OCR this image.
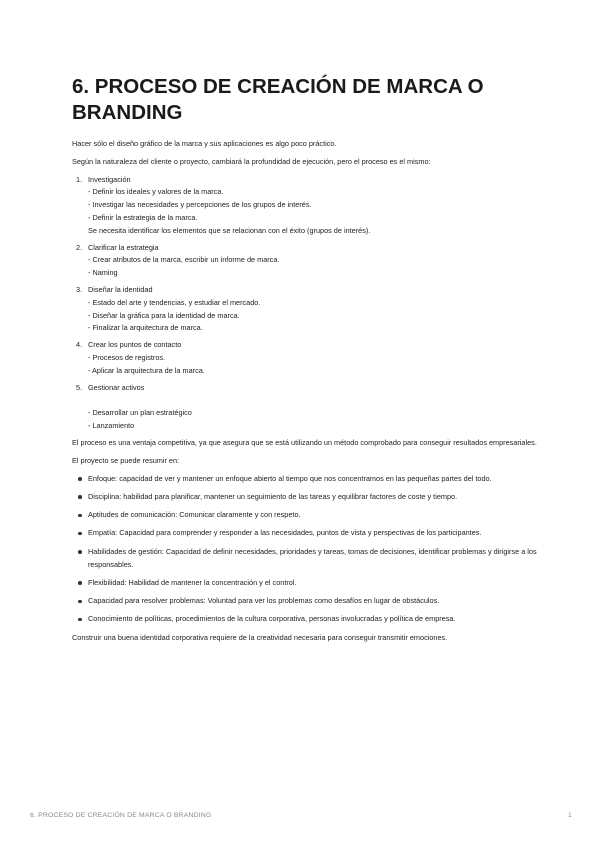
6. PROCESO DE CREACIÓN DE MARCA O BRANDING

Hacer sólo el diseño gráfico de la marca y sus aplicaciones es algo poco práctico.

Según la naturaleza del cliente o proyecto, cambiará la profundidad de ejecución, pero el proceso es el mismo:

1. Investigación
- Definir los ideales y valores de la marca.
- Investigar las necesidades y percepciones de los grupos de interés.
- Definir la estrategia de la marca.
Se necesita identificar los elementos que se relacionan con el éxito (grupos de interés).
2. Clarificar la estrategia
- Crear atributos de la marca, escribir un informe de marca.
- Naming
3. Diseñar la identidad
- Estado del arte y tendencias, y estudiar el mercado.
- Diseñar la gráfica para la identidad de marca.
- Finalizar la arquitectura de marca.
4. Crear los puntos de contacto
- Procesos de registros.
- Aplicar la arquitectura de la marca.
5. Gestionar activos
- Desarrollar un plan estratégico
- Lanzamiento

El proceso es una ventaja competitiva, ya que asegura que se está utilizando un método comprobado para conseguir resultados empresariales.

El proyecto se puede resumir en:

Enfoque: capacidad de ver y mantener un enfoque abierto al tiempo que nos concentramos en las pequeñas partes del todo.
Disciplina: habilidad para planificar, mantener un seguimiento de las tareas y equilibrar factores de coste y tiempo.
Aptitudes de comunicación: Comunicar claramente y con respeto.
Empatía: Capacidad para comprender y responder a las necesidades, puntos de vista y perspectivas de los participantes.
Habilidades de gestión: Capacidad de definir necesidades, prioridades y tareas, tomas de decisiones, identificar problemas y dirigirse a los responsables.
Flexibilidad: Habilidad de mantener la concentración y el control.
Capacidad para resolver problemas: Voluntad para ver los problemas como desafíos en lugar de obstáculos.
Conocimiento de políticas, procedimientos de la cultura corporativa, personas involucradas y política de empresa.

Construir una buena identidad corporativa requiere de la creatividad necesaria para conseguir transmitir emociones.

6. PROCESO DE CREACIÓN DE MARCA O BRANDING	1
